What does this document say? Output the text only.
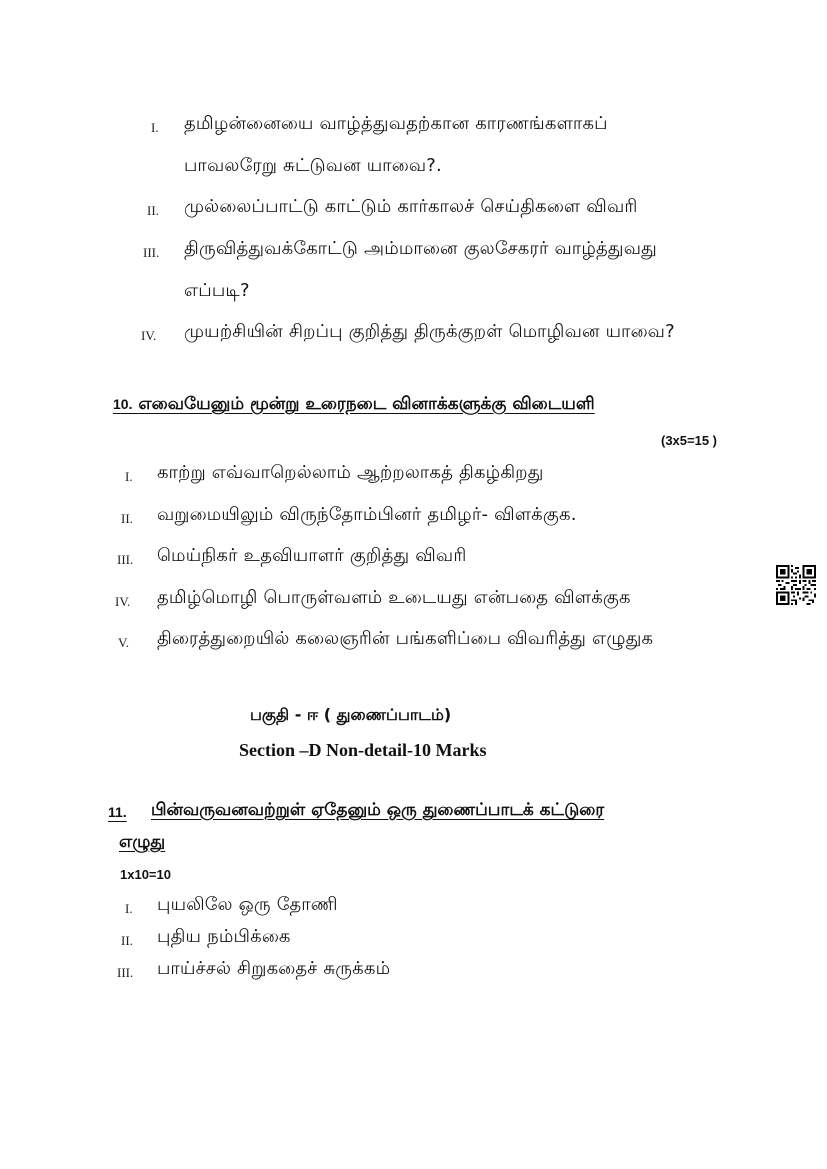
I. தமிழன்னையை வாழ்த்துவதற்கான காரணங்களாகப்
பாவலரேறு சுட்டுவன யாவை?.
II. முல்லைப்பாட்டு காட்டும் கார்காலச் செய்திகளை விவரி
III. திருவித்துவக்கோட்டு அம்மானை குலசேகரர் வாழ்த்துவது
எப்படி?
IV. முயற்சியின் சிறப்பு குறித்து திருக்குறள் மொழிவன யாவை?
10. எவையேனும் மூன்று உரைநடை வினாக்களுக்கு விடையளி
(3x5=15 )
I. காற்று எவ்வாறெல்லாம் ஆற்றலாகத் திகழ்கிறது
II. வறுமையிலும் விருந்தோம்பினர் தமிழர்- விளக்குக.
III. மெய்நிகர் உதவியாளர் குறித்து விவரி
IV. தமிழ்மொழி பொருள்வளம் உடையது என்பதை விளக்குக
V. திரைத்துறையில் கலைஞரின் பங்களிப்பை விவரித்து எழுதுக
பகுதி - ஈ ( துணைப்பாடம்)
Section –D Non-detail-10 Marks
11. பின்வருவனவற்றுள் ஏதேனும் ஒரு துணைப்பாடக் கட்டுரை
எழுது
1x10=10
I. புயலிலே ஒரு தோணி
II. புதிய நம்பிக்கை
III. பாய்ச்சல் சிறுகதைச் சுருக்கம்
